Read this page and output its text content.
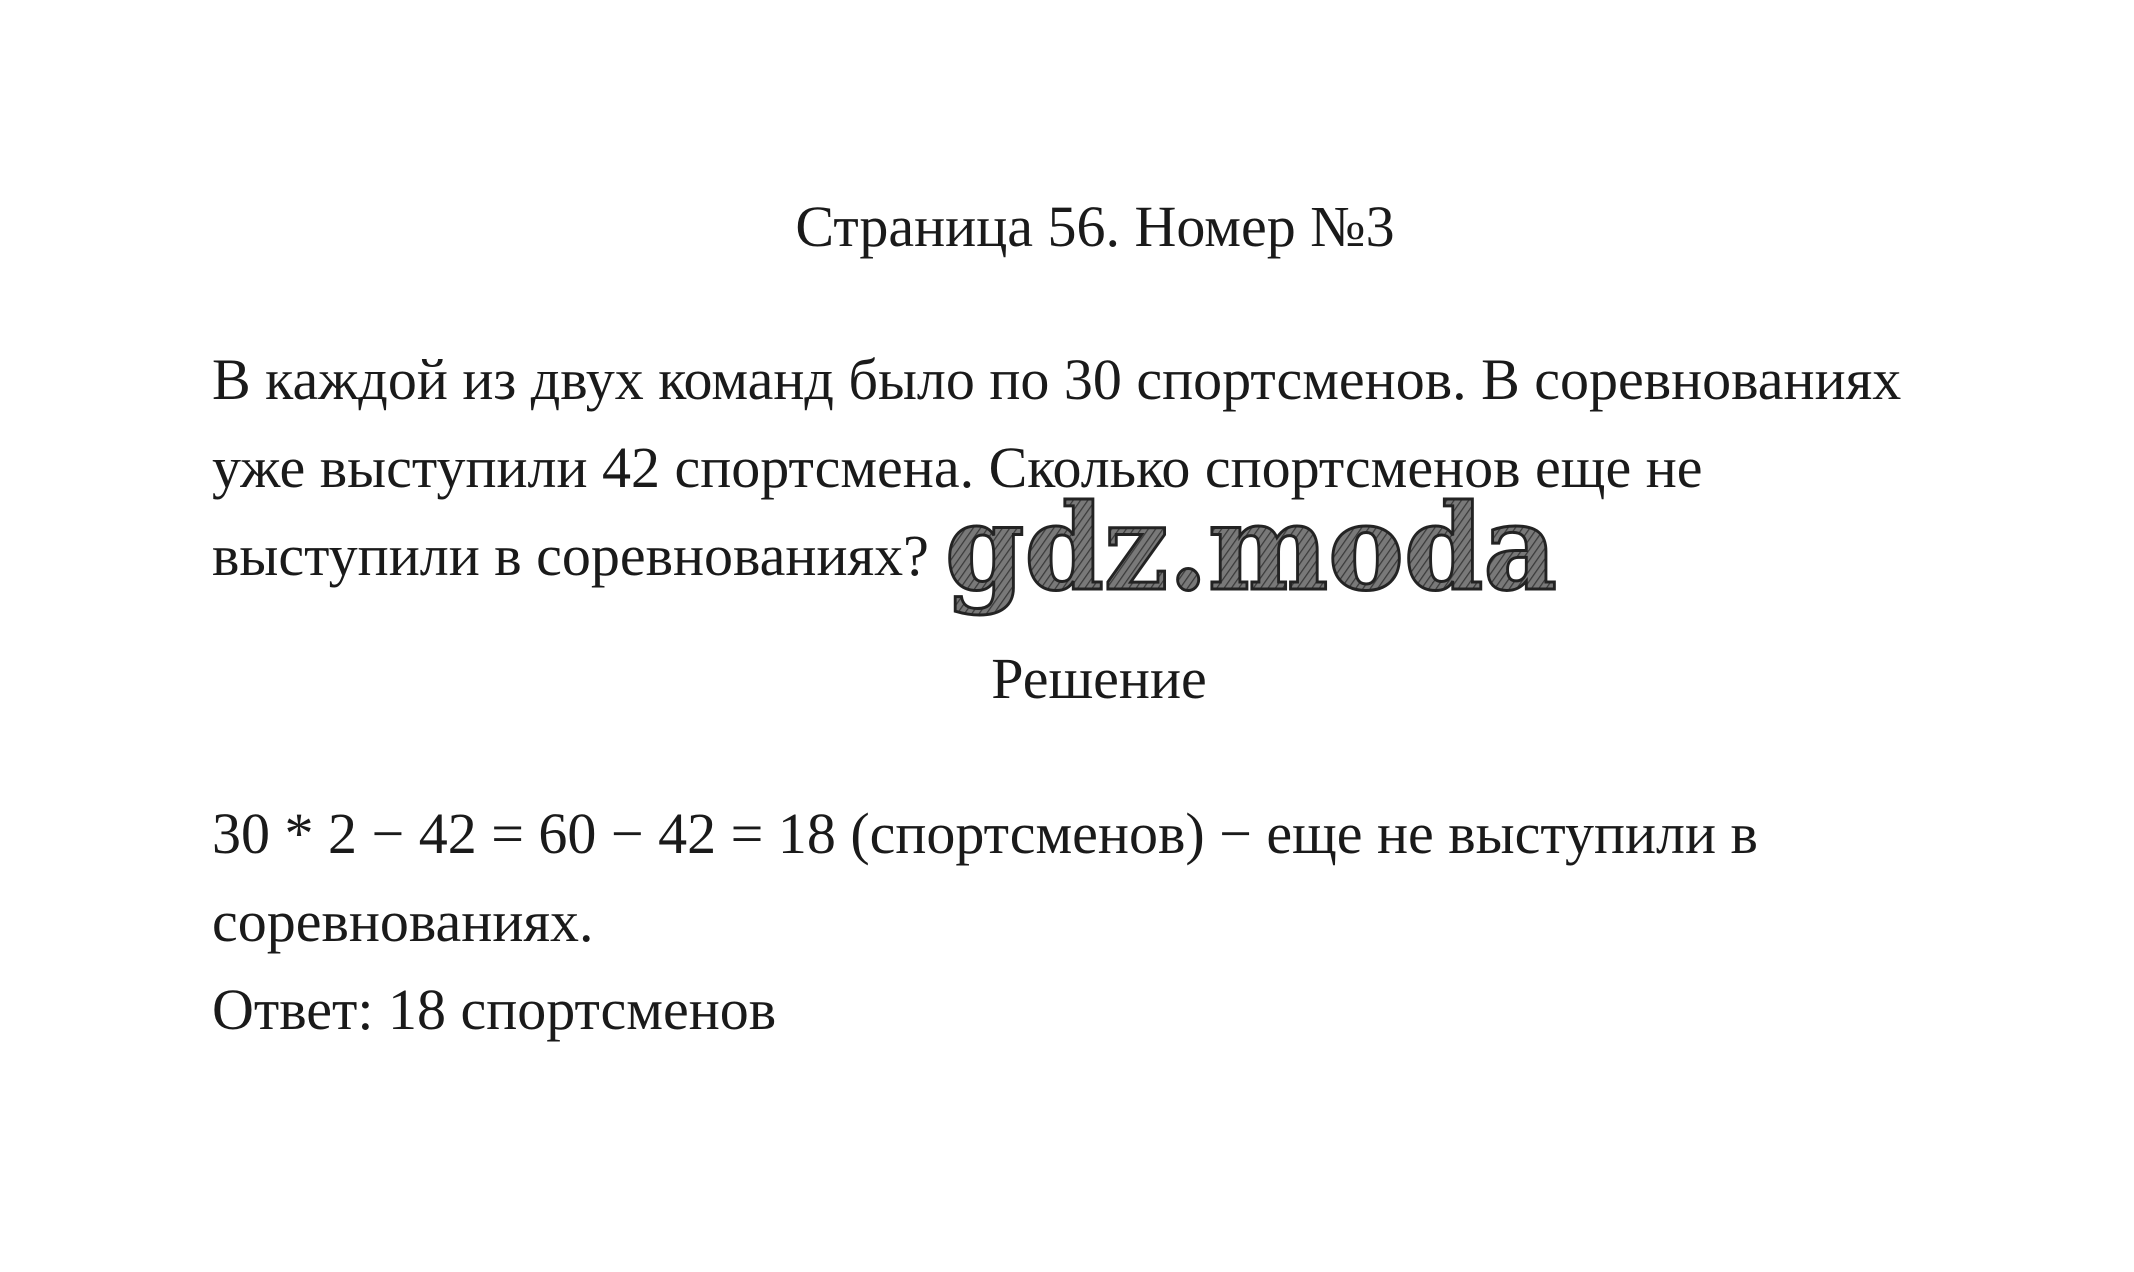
Страница 56. Номер №3
В каждой из двух команд было по 30 спортсменов. В соревнованиях
уже выступили 42 спортсмена. Сколько спортсменов еще не
выступили в соревнованиях? gdz.moda
Решение
30 * 2 − 42 = 60 − 42 = 18 (спортсменов) − еще не выступили в
соревнованиях.
Ответ: 18 спортсменов
